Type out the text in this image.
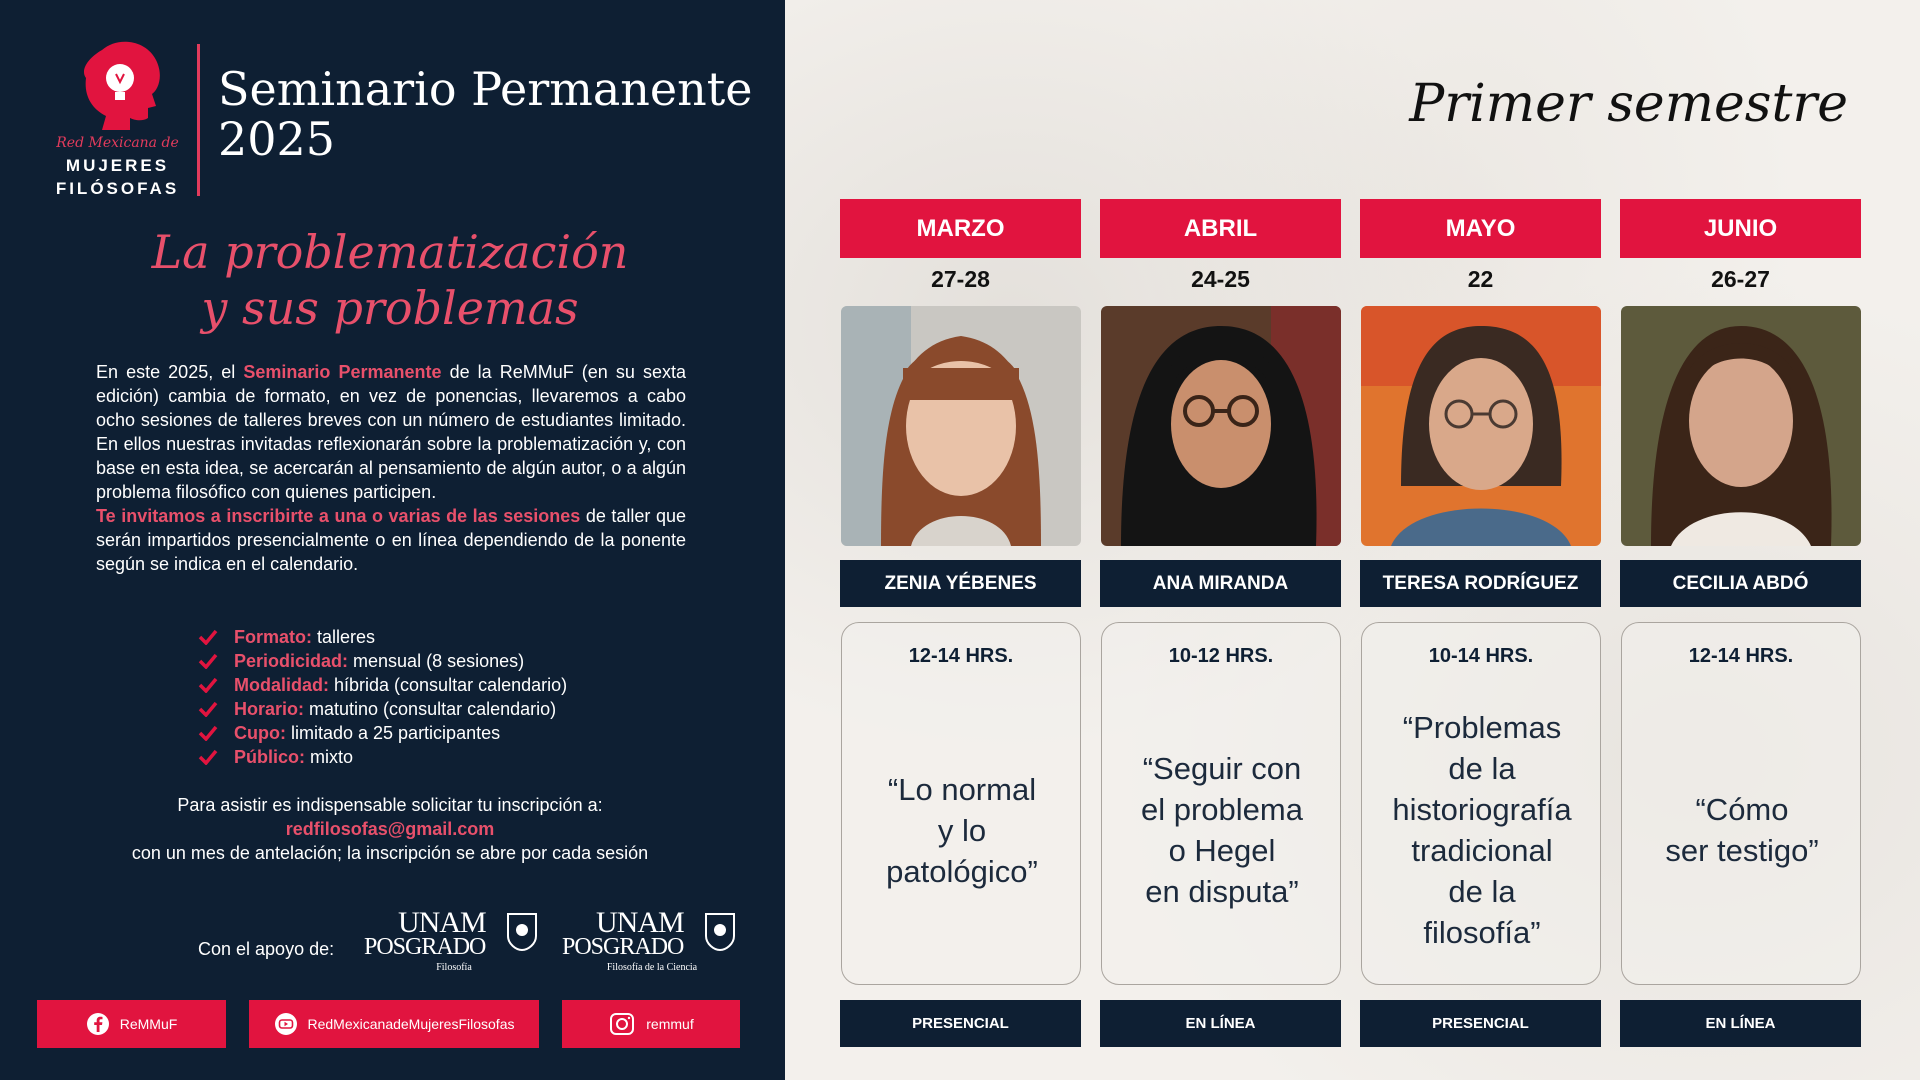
Red Mexicana de
MUJERES
FILÓSOFAS
Seminario Permanente
2025
La problematización
y sus problemas
En este 2025, el Seminario Permanente de la ReMMuF (en su sexta edición) cambia de formato, en vez de ponencias, llevaremos a cabo ocho sesiones de talleres breves con un número de estudiantes limitado. En ellos nuestras invitadas reflexionarán sobre la problematización y, con base en esta idea, se acercarán al pensamiento de algún autor, o a algún problema filosófico con quienes participen.
Te invitamos a inscribirte a una o varias de las sesiones de taller que serán impartidos presencialmente o en línea dependiendo de la ponente según se indica en el calendario.
Formato: talleres
Periodicidad: mensual (8 sesiones)
Modalidad: híbrida (consultar calendario)
Horario: matutino (consultar calendario)
Cupo: limitado a 25 participantes
Público: mixto
Para asistir es indispensable solicitar tu inscripción a:
redfilosofas@gmail.com
con un mes de antelación; la inscripción se abre por cada sesión
Con el apoyo de:
UNAM
POSGRADO
Filosofía
UNAM
POSGRADO
Filosofía de la Ciencia
ReMMuF	RedMexicanadeMujeresFilosofas	remmuf
Primer semestre
MARZO
27-28
ZENIA YÉBENES
12-14 HRS.
“Lo normal
y lo
patológico”
PRESENCIAL
ABRIL
24-25
ANA MIRANDA
10-12 HRS.
“Seguir con
el problema
o Hegel
en disputa”
EN LÍNEA
MAYO
22
TERESA RODRÍGUEZ
10-14 HRS.
“Problemas
de la
historiografía
tradicional
de la
filosofía”
PRESENCIAL
JUNIO
26-27
CECILIA ABDÓ
12-14 HRS.
“Cómo
ser testigo”
EN LÍNEA
